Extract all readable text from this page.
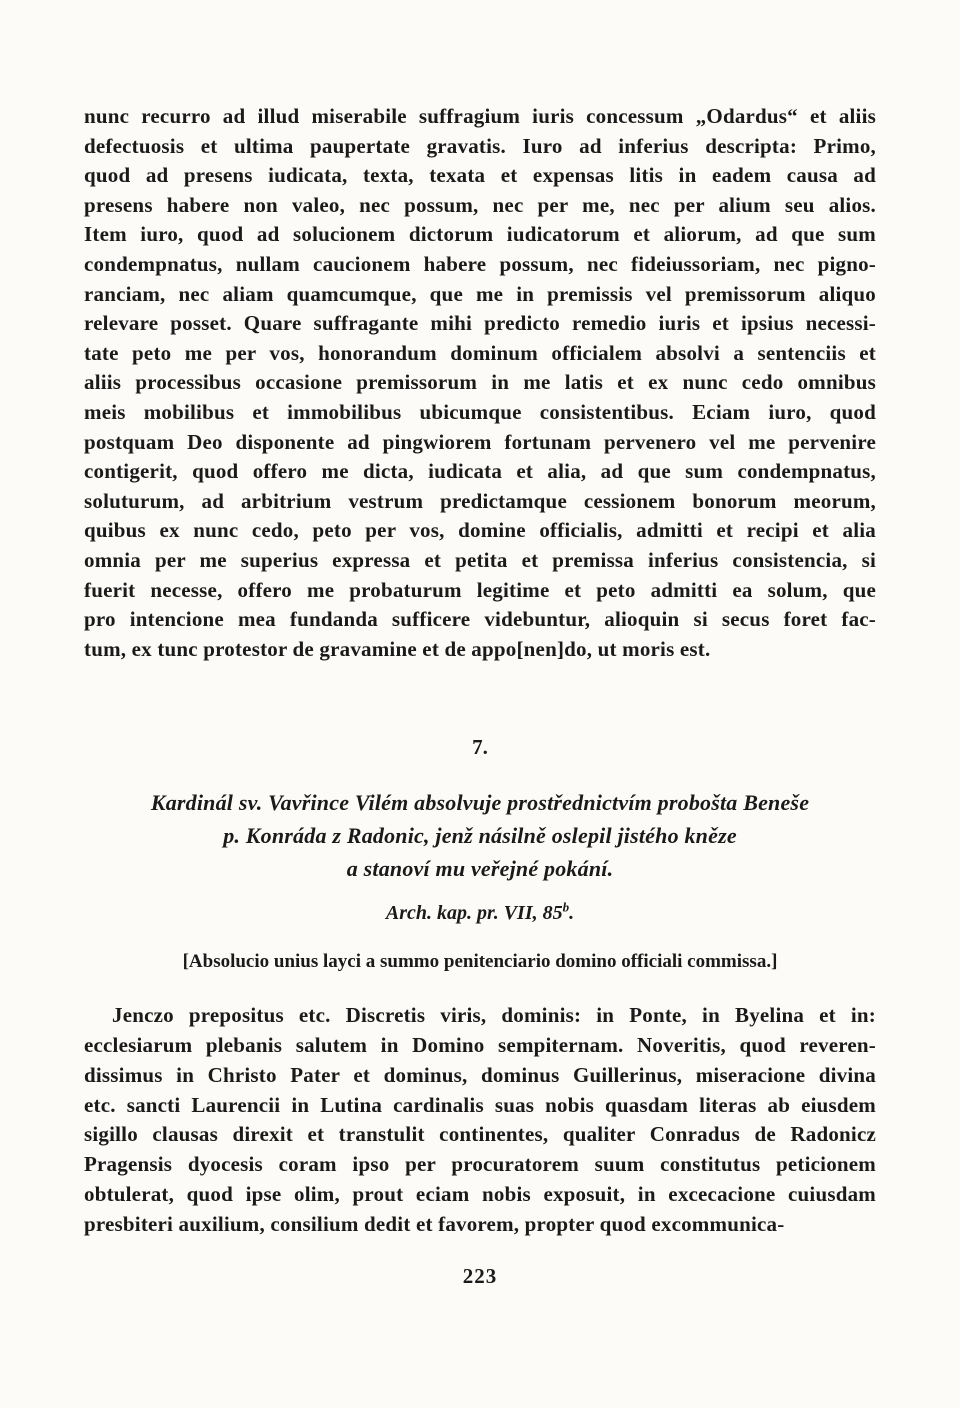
nunc recurro ad illud miserabile suffragium iuris concessum „Odardus“ et aliis
defectuosis et ultima paupertate gravatis. Iuro ad inferius descripta: Primo,
quod ad presens iudicata, texta, texata et expensas litis in eadem causa ad
presens habere non valeo, nec possum, nec per me, nec per alium seu alios.
Item iuro, quod ad solucionem dictorum iudicatorum et aliorum, ad que sum
condempnatus, nullam caucionem habere possum, nec fideiussoriam, nec pigno-
ranciam, nec aliam quamcumque, que me in premissis vel premissorum aliquo
relevare posset. Quare suffragante mihi predicto remedio iuris et ipsius necessi-
tate peto me per vos, honorandum dominum officialem absolvi a sentenciis et
aliis processibus occasione premissorum in me latis et ex nunc cedo omnibus
meis mobilibus et immobilibus ubicumque consistentibus. Eciam iuro, quod
postquam Deo disponente ad pingwiorem fortunam pervenero vel me pervenire
contigerit, quod offero me dicta, iudicata et alia, ad que sum condempnatus,
soluturum, ad arbitrium vestrum predictamque cessionem bonorum meorum,
quibus ex nunc cedo, peto per vos, domine officialis, admitti et recipi et alia
omnia per me superius expressa et petita et premissa inferius consistencia, si
fuerit necesse, offero me probaturum legitime et peto admitti ea solum, que
pro intencione mea fundanda sufficere videbuntur, alioquin si secus foret fac-
tum, ex tunc protestor de gravamine et de appo[nen]do, ut moris est.
7.
Kardinál sv. Vavřince Vilém absolvuje prostřednictvím probošta Beneše
p. Konráda z Radonic, jenž násilně oslepil jistého kněze
a stanoví mu veřejné pokání.
Arch. kap. pr. VII, 85$^b$.
[Absolucio unius layci a summo penitenciario domino officiali commissa.]
Jenczo prepositus etc. Discretis viris, dominis: in Ponte, in Byelina et in:
ecclesiarum plebanis salutem in Domino sempiternam. Noveritis, quod reveren-
dissimus in Christo Pater et dominus, dominus Guillerinus, miseracione divina
etc. sancti Laurencii in Lutina cardinalis suas nobis quasdam literas ab eiusdem
sigillo clausas direxit et transtulit continentes, qualiter Conradus de Radonicz
Pragensis dyocesis coram ipso per procuratorem suum constitutus peticionem
obtulerat, quod ipse olim, prout eciam nobis exposuit, in excecacione cuiusdam
presbiteri auxilium, consilium dedit et favorem, propter quod excommunica-
223
